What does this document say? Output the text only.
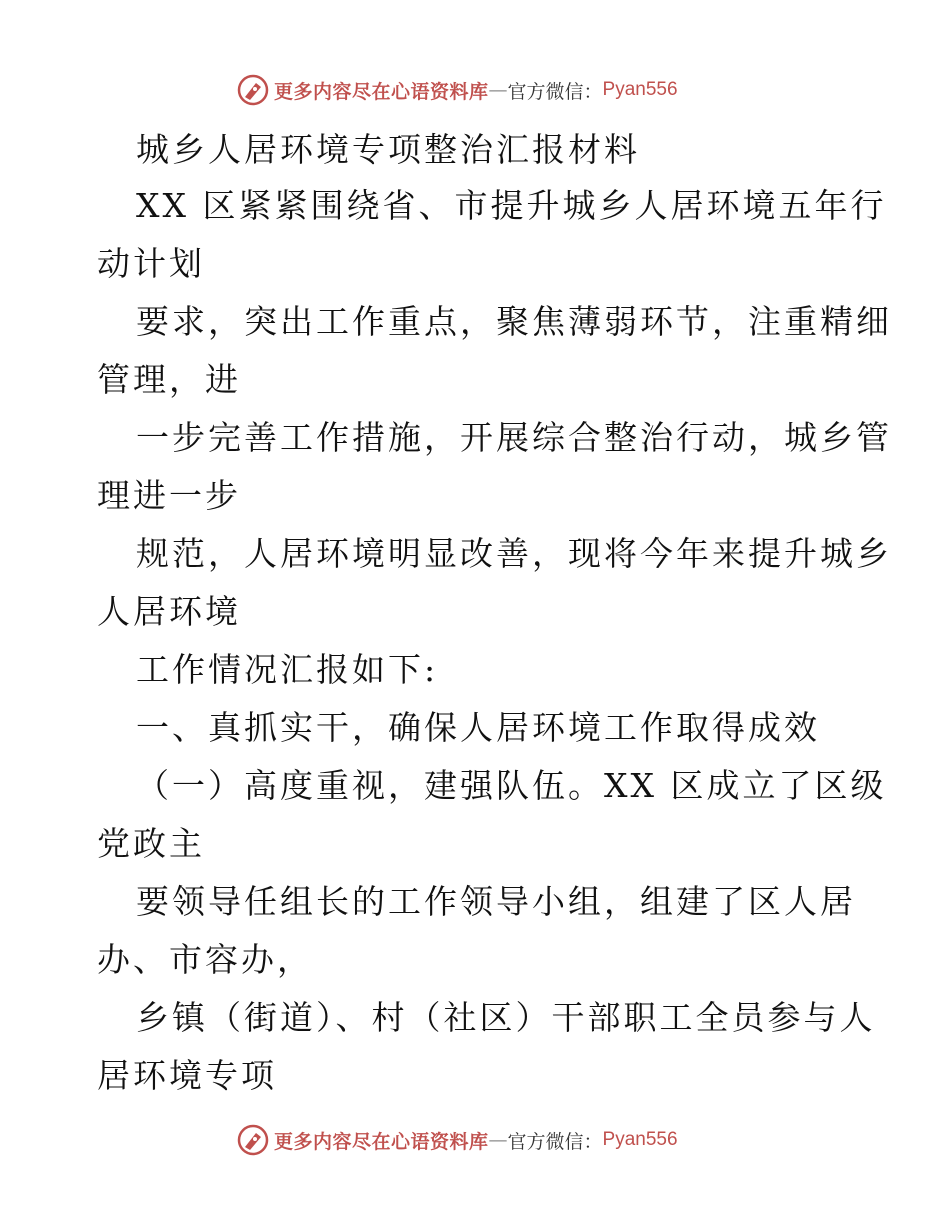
更多内容尽在心语资料库 — 官方微信： Pyan556
城乡人居环境专项整治汇报材料
XX 区紧紧围绕省、市提升城乡人居环境五年行
动计划
要求，突出工作重点，聚焦薄弱环节，注重精细
管理，进
一步完善工作措施，开展综合整治行动，城乡管
理进一步
规范，人居环境明显改善，现将今年来提升城乡
人居环境
工作情况汇报如下:
一、真抓实干，确保人居环境工作取得成效
（一）高度重视，建强队伍。XX 区成立了区级
党政主
要领导任组长的工作领导小组，组建了区人居
办、市容办，
乡镇（街道）、村（社区）干部职工全员参与人
居环境专项
更多内容尽在心语资料库 — 官方微信： Pyan556
